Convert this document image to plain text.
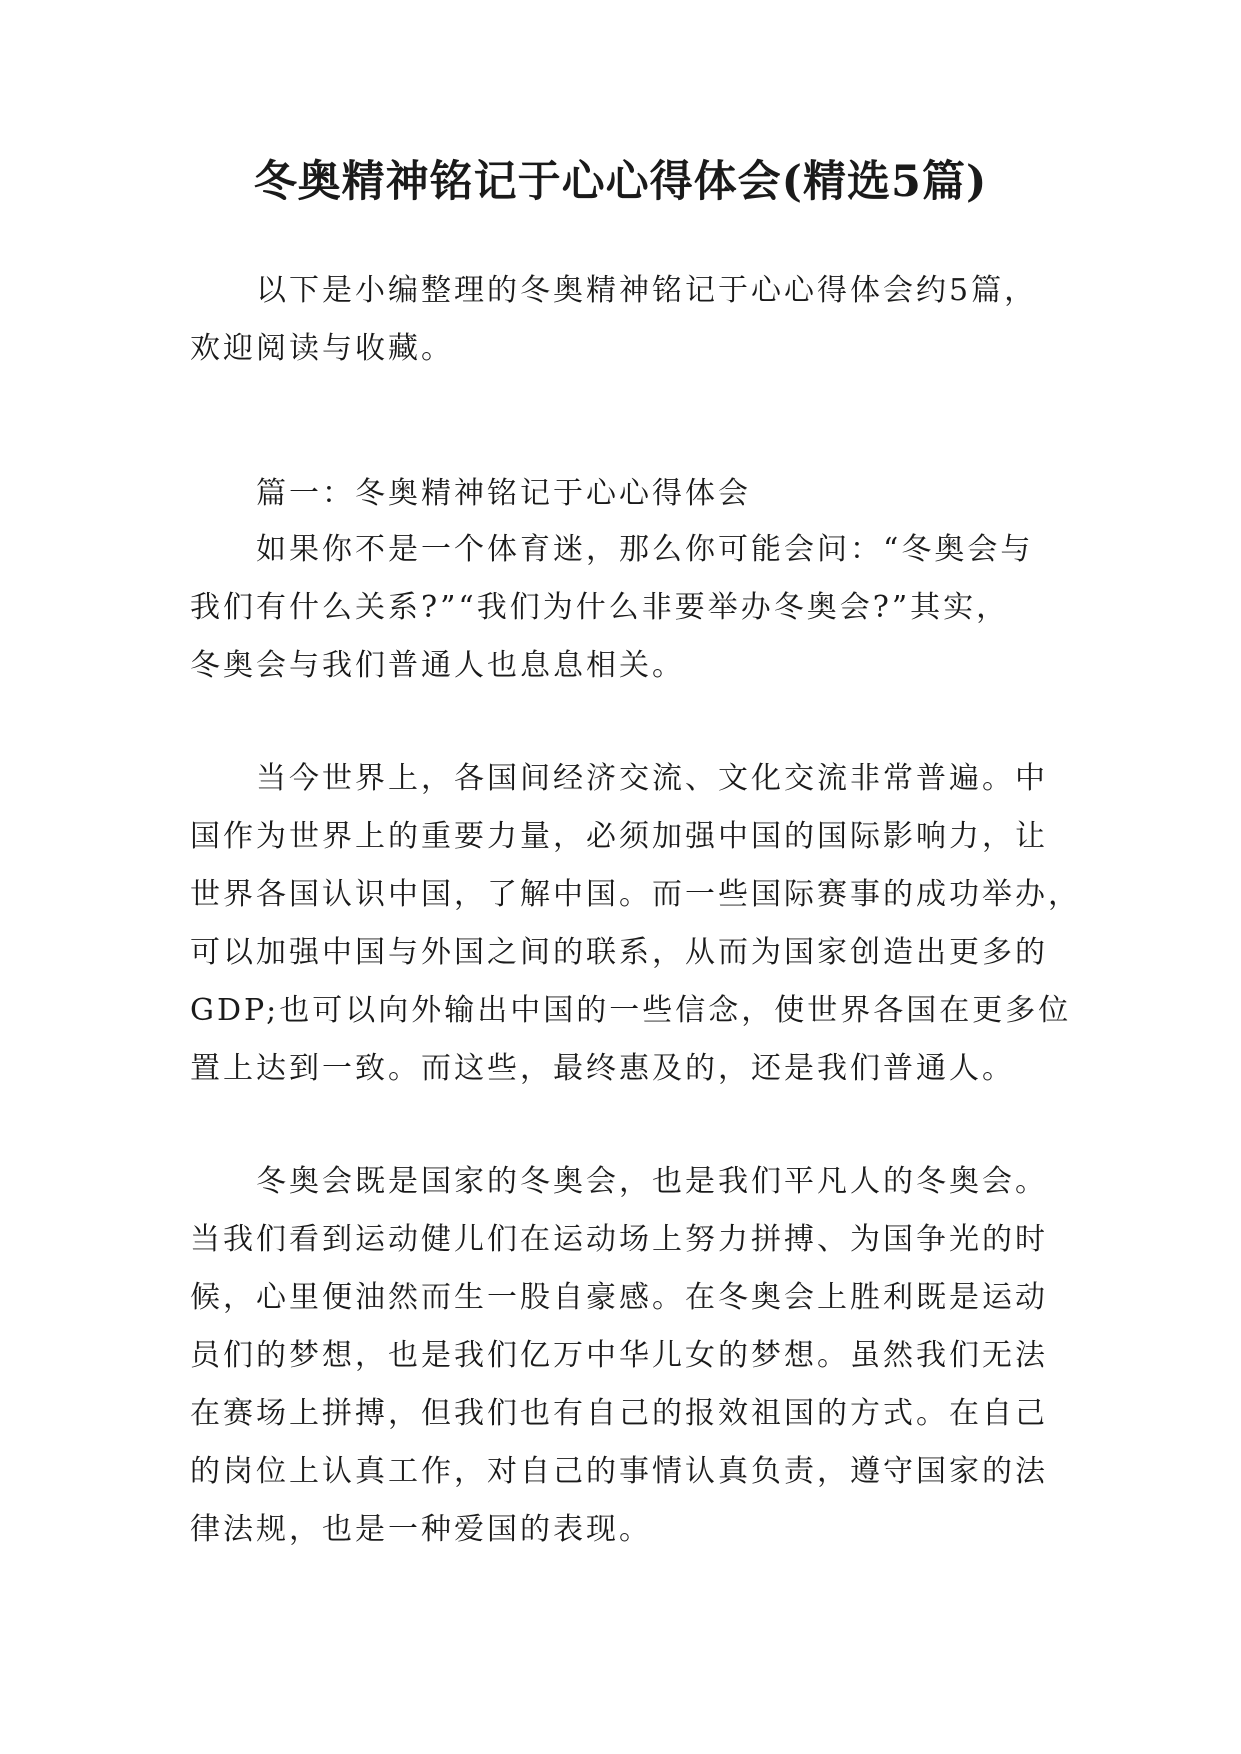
冬奥精神铭记于心心得体会(精选5篇)
以下是小编整理的冬奥精神铭记于心心得体会约5篇，
欢迎阅读与收藏。
篇一：冬奥精神铭记于心心得体会
如果你不是一个体育迷，那么你可能会问：“冬奥会与
我们有什么关系?”“我们为什么非要举办冬奥会?”其实，
冬奥会与我们普通人也息息相关。
当今世界上，各国间经济交流、文化交流非常普遍。中
国作为世界上的重要力量，必须加强中国的国际影响力，让
世界各国认识中国，了解中国。而一些国际赛事的成功举办，
可以加强中国与外国之间的联系，从而为国家创造出更多的
GDP;也可以向外输出中国的一些信念，使世界各国在更多位
置上达到一致。而这些，最终惠及的，还是我们普通人。
冬奥会既是国家的冬奥会，也是我们平凡人的冬奥会。
当我们看到运动健儿们在运动场上努力拼搏、为国争光的时
候，心里便油然而生一股自豪感。在冬奥会上胜利既是运动
员们的梦想，也是我们亿万中华儿女的梦想。虽然我们无法
在赛场上拼搏，但我们也有自己的报效祖国的方式。在自己
的岗位上认真工作，对自己的事情认真负责，遵守国家的法
律法规，也是一种爱国的表现。
